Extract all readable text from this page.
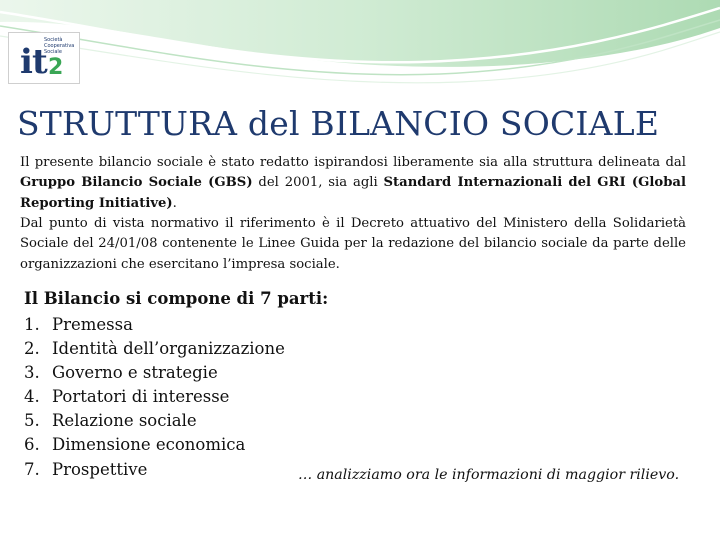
i t 2
Società
Cooperativa
Sociale
STRUTTURA del BILANCIO SOCIALE
Il presente bilancio sociale è stato redatto ispirandosi liberamente sia alla struttura delineata dal Gruppo Bilancio Sociale (GBS) del 2001, sia agli Standard Internazionali del GRI (Global Reporting Initiative).
Dal punto di vista normativo il riferimento è il Decreto attuativo del Ministero della Solidarietà Sociale del 24/01/08 contenente le Linee Guida per la redazione del bilancio sociale da parte delle organizzazioni che esercitano l’impresa sociale.
Il Bilancio si compone di 7 parti:
1. Premessa
2. Identità dell’organizzazione
3. Governo e strategie
4. Portatori di interesse
5. Relazione sociale
6. Dimensione economica
7. Prospettive	… analizziamo ora le informazioni di maggior rilievo.
